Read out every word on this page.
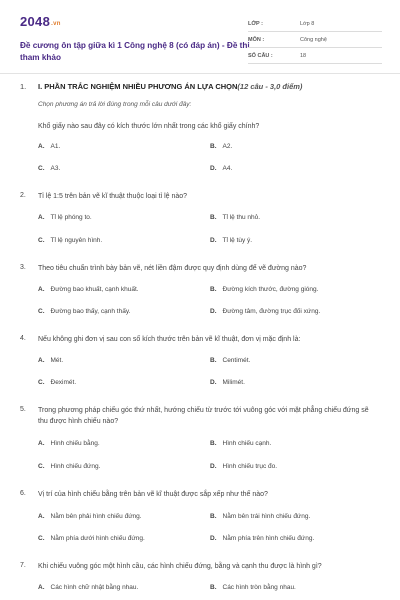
2048.vn
Đề cương ôn tập giữa kì 1 Công nghệ 8 (có đáp án) - Đề thi tham khảo
LỚP :	Lớp 8
MÔN :	Công nghệ
SỐ CÂU :	18
1. I. PHẦN TRẮC NGHIỆM NHIỀU PHƯƠNG ÁN LỰA CHỌN(12 câu - 3,0 điểm)
Chọn phương án trả lời đúng trong mỗi câu dưới đây:
Khổ giấy nào sau đây có kích thước lớn nhất trong các khổ giấy chính?
A. A1.	B. A2.
C. A3.	D. A4.
2. Tỉ lệ 1:5 trên bản vẽ kĩ thuật thuộc loại tỉ lệ nào?
A. Tỉ lệ phóng to.	B. Tỉ lệ thu nhỏ.
C. Tỉ lệ nguyên hình.	D. Tỉ lệ tùy ý.
3. Theo tiêu chuẩn trình bày bản vẽ, nét liền đậm được quy định dùng để vẽ đường nào?
A. Đường bao khuất, cạnh khuất.	B. Đường kích thước, đường gióng.
C. Đường bao thấy, cạnh thấy.	D. Đường tâm, đường trục đối xứng.
4. Nếu không ghi đơn vị sau con số kích thước trên bản vẽ kĩ thuật, đơn vị mặc định là:
A. Mét.	B. Centimét.
C. Đeximét.	D. Milimét.
5. Trong phương pháp chiếu góc thứ nhất, hướng chiếu từ trước tới vuông góc với mặt phẳng chiếu đứng sẽ thu được hình chiếu nào?
A. Hình chiếu bằng.	B. Hình chiếu cạnh.
C. Hình chiếu đứng.	D. Hình chiếu trục đo.
6. Vị trí của hình chiếu bằng trên bản vẽ kĩ thuật được sắp xếp như thế nào?
A. Nằm bên phải hình chiếu đứng.	B. Nằm bên trái hình chiếu đứng.
C. Nằm phía dưới hình chiếu đứng.	D. Nằm phía trên hình chiếu đứng.
7. Khi chiếu vuông góc một hình cầu, các hình chiếu đứng, bằng và cạnh thu được là hình gì?
A. Các hình chữ nhật bằng nhau.	B. Các hình tròn bằng nhau.
